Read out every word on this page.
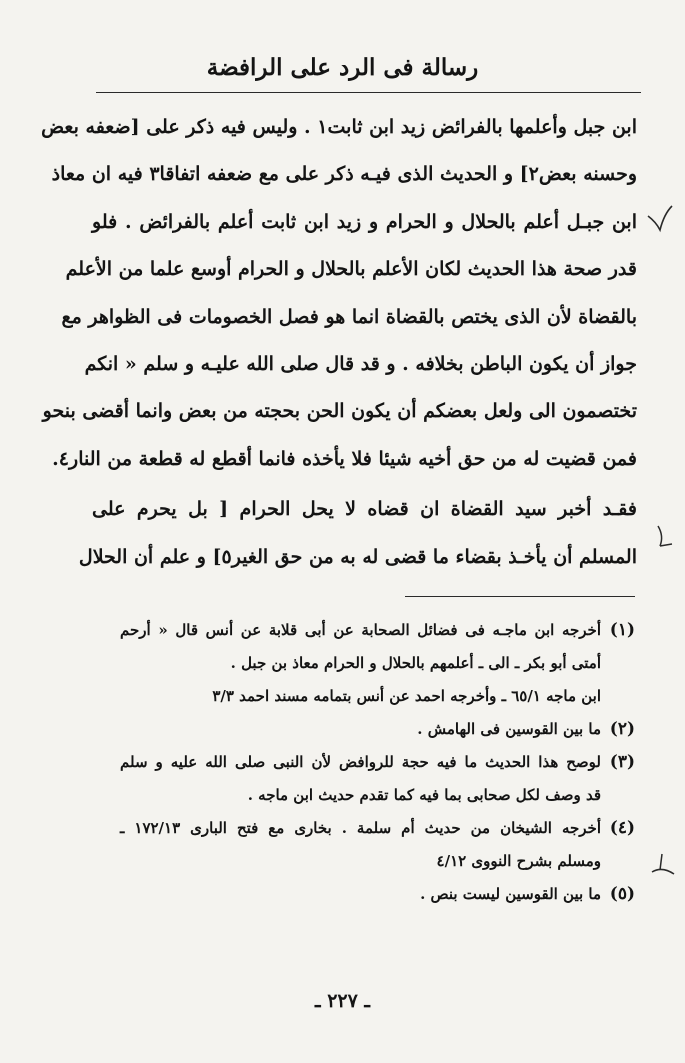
رسالة فى الرد على الرافضة

ابن جبل وأعلمها بالفرائض زيد ابن ثابت١ . وليس فيه ذكر على [ضعفه بعض
وحسنه بعض٢] و الحديث الذى فيـه ذكر على مع ضعفه اتفاقا٣ فيه ان معاذ
ابن جبـل أعلم بالحلال و الحرام و زيد ابن ثابت أعلم بالفرائض . فلو
قدر صحة هذا الحديث لكان الأعلم بالحلال و الحرام أوسع علما من الأعلم
بالقضاة لأن الذى يختص بالقضاة انما هو فصل الخصومات فى الظواهر مع
جواز أن يكون الباطن بخلافه . و قد قال صلى الله عليـه و سلم « انكم
تختصمون الى ولعل بعضكم أن يكون الحن بحجته من بعض وانما أقضى بنحو
فمن قضيت له من حق أخيه شيئا فلا يأخذه فانما أقطع له قطعة من النار٤.

فقـد أخبر سيد القضاة ان قضاه لا يحل الحرام [ بل يحرم على
المسلم أن يأخـذ بقضاء ما قضى له به من حق الغير٥] و علم أن الحلال

(١)
أخرجه ابن ماجـه فى فضائل الصحابة عن أبى قلابة عن أنس قال « أرحم
أمتى أبو بكر ـ الى ـ أعلمهم بالحلال و الحرام معاذ بن جبل .
ابن ماجه ٦٥/١ ـ وأخرجه احمد عن أنس بتمامه مسند احمد ٣/٣
(٢)
ما بين القوسين فى الهامش .
(٣)
لوصح هذا الحديث ما فيه حجة للروافض لأن النبى صلى الله عليه و سلم
قد وصف لكل صحابى بما فيه كما تقدم حديث ابن ماجه .
(٤)
أخرجه الشيخان من حديث أم سلمة . بخارى مع فتح البارى ١٧٢/١٣ ـ
ومسلم بشرح النووى ٤/١٢
(٥)
ما بين القوسين ليست بنص .
ـ ٢٢٧ ـ
